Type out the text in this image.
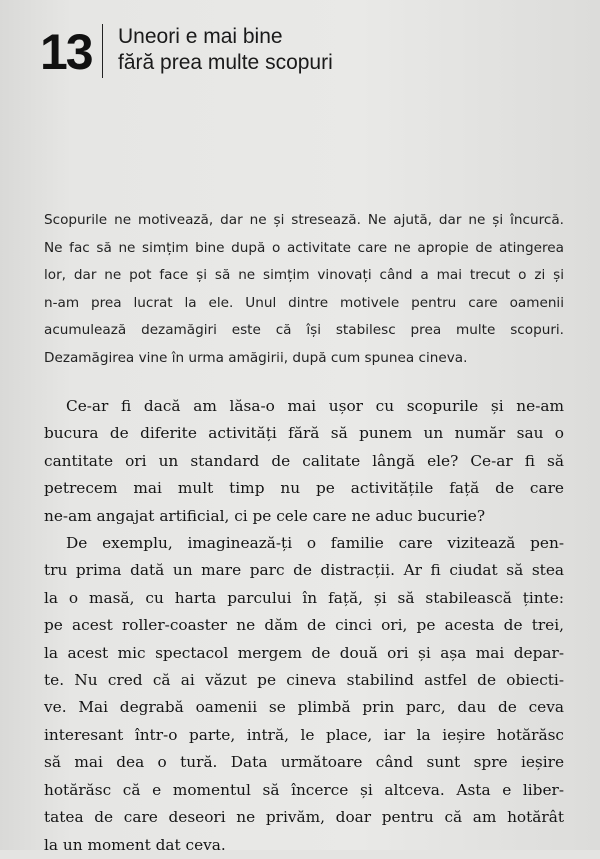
13 Uneori e mai bine
fără prea multe scopuri
Scopurile ne motivează, dar ne și stresează. Ne ajută, dar ne și încurcă.
Ne fac să ne simțim bine după o activitate care ne apropie de atingerea
lor, dar ne pot face și să ne simțim vinovați când a mai trecut o zi și
n-am prea lucrat la ele. Unul dintre motivele pentru care oamenii
acumulează dezamăgiri este că își stabilesc prea multe scopuri.
Dezamăgirea vine în urma amăgirii, după cum spunea cineva.
Ce-ar fi dacă am lăsa-o mai ușor cu scopurile și ne-am
bucura de diferite activități fără să punem un număr sau o
cantitate ori un standard de calitate lângă ele? Ce-ar fi să
petrecem mai mult timp nu pe activitățile față de care
ne-am angajat artificial, ci pe cele care ne aduc bucurie?
De exemplu, imaginează-ți o familie care vizitează pen-
tru prima dată un mare parc de distracții. Ar fi ciudat să stea
la o masă, cu harta parcului în față, și să stabilească ținte:
pe acest roller-coaster ne dăm de cinci ori, pe acesta de trei,
la acest mic spectacol mergem de două ori și așa mai depar-
te. Nu cred că ai văzut pe cineva stabilind astfel de obiecti-
ve. Mai degrabă oamenii se plimbă prin parc, dau de ceva
interesant într-o parte, intră, le place, iar la ieșire hotărăsc
să mai dea o tură. Data următoare când sunt spre ieșire
hotărăsc că e momentul să încerce și altceva. Asta e liber-
tatea de care deseori ne privăm, doar pentru că am hotărât
la un moment dat ceva.
